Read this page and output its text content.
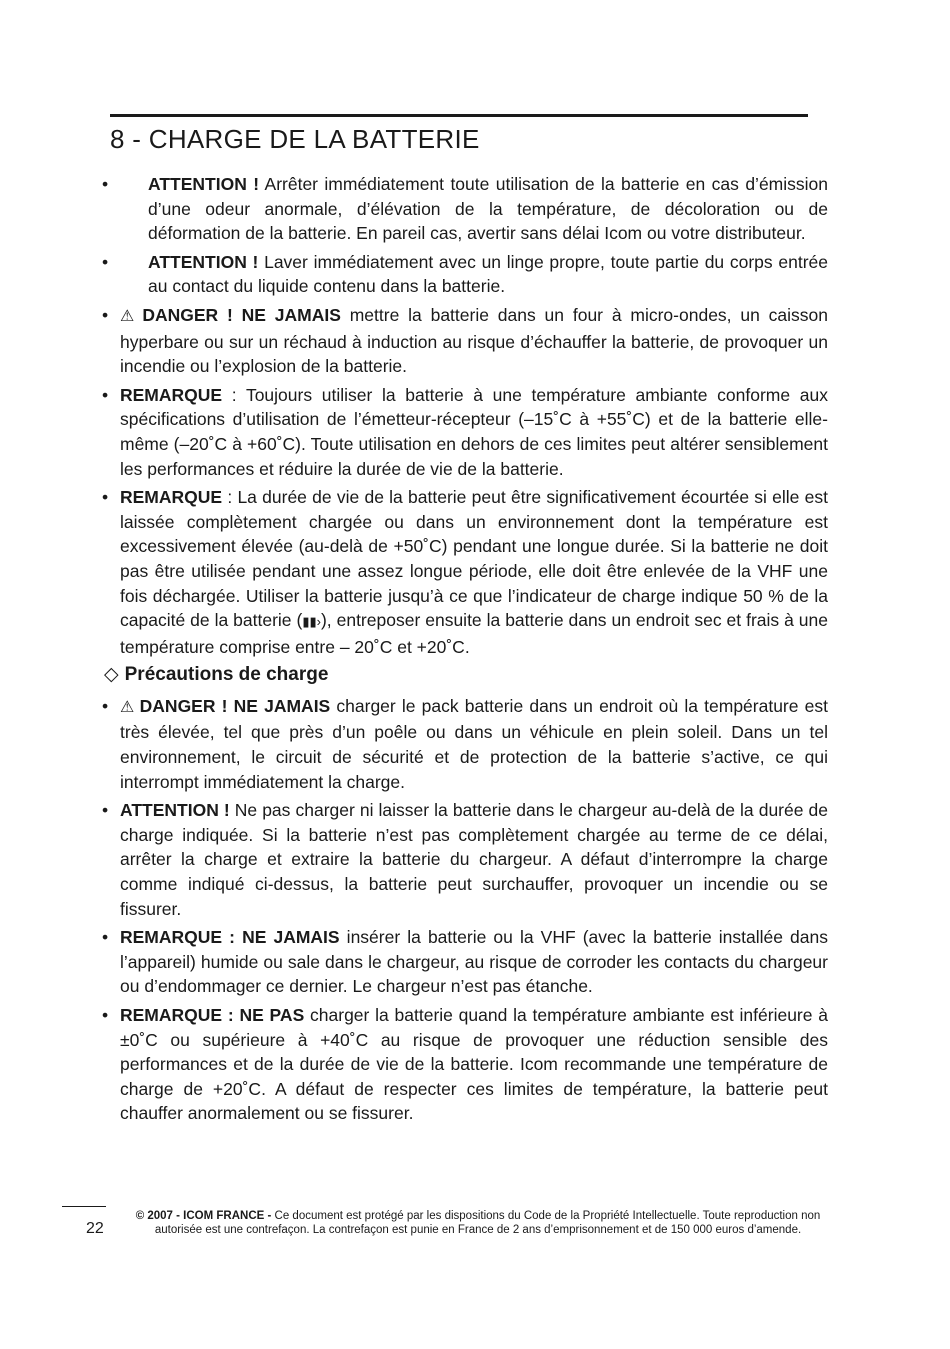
8 - CHARGE DE LA BATTERIE
• ATTENTION ! Arrêter immédiatement toute utilisation de la batterie en cas d’émission d’une odeur anormale, d’élévation de la température, de décoloration ou de déformation de la batterie. En pareil cas, avertir sans délai Icom ou votre distributeur.
• ATTENTION ! Laver immédiatement avec un linge propre, toute partie du corps entrée au contact du liquide contenu dans la batterie.
• ⚠ DANGER ! NE JAMAIS mettre la batterie dans un four à micro-ondes, un caisson hyperbare ou sur un réchaud à induction au risque d’échauffer la batterie, de provoquer un incendie ou l’explosion de la batterie.
• REMARQUE : Toujours utiliser la batterie à une température ambiante conforme aux spécifications d’utilisation de l’émetteur-récepteur (–15˚C à +55˚C) et de la batterie elle-même (–20˚C à +60˚C). Toute utilisation en dehors de ces limites peut altérer sensiblement les performances et réduire la durée de vie de la batterie.
• REMARQUE : La durée de vie de la batterie peut être significativement écourtée si elle est laissée complètement chargée ou dans un environnement dont la température est excessivement élevée (au-delà de +50˚C) pendant une longue durée. Si la batterie ne doit pas être utilisée pendant une assez longue période, elle doit être enlevée de la VHF une fois déchargée. Utiliser la batterie jusqu’à ce que l’indicateur de charge indique 50 % de la capacité de la batterie (▮▮›), entreposer ensuite la batterie dans un endroit sec et frais à une température comprise entre – 20˚C et +20˚C.
◇ Précautions de charge
• ⚠ DANGER ! NE JAMAIS charger le pack batterie dans un endroit où la température est très élevée, tel que près d’un poêle ou dans un véhicule en plein soleil. Dans un tel environnement, le circuit de sécurité et de protection de la batterie s’active, ce qui interrompt immédiatement la charge.
• ATTENTION ! Ne pas charger ni laisser la batterie dans le chargeur au-delà de la durée de charge indiquée. Si la batterie n’est pas complètement chargée au terme de ce délai, arrêter la charge et extraire la batterie du chargeur. A défaut d’interrompre la charge comme indiqué ci-dessus, la batterie peut surchauffer, provoquer un incendie ou se fissurer.
• REMARQUE : NE JAMAIS insérer la batterie ou la VHF (avec la batterie installée dans l’appareil) humide ou sale dans le chargeur, au risque de corroder les contacts du chargeur ou d’endommager ce dernier. Le chargeur n’est pas étanche.
• REMARQUE : NE PAS charger la batterie quand la température ambiante est inférieure à ±0˚C ou supérieure à +40˚C au risque de provoquer une réduction sensible des performances et de la durée de vie de la batterie. Icom recommande une température de charge de +20˚C. A défaut de respecter ces limites de température, la batterie peut chauffer anormalement ou se fissurer.
22
© 2007 - ICOM FRANCE - Ce document est protégé par les dispositions du Code de la Propriété Intellectuelle. Toute reproduction non autorisée est une contrefaçon. La contrefaçon est punie en France de 2 ans d’emprisonnement et de 150 000 euros d’amende.
